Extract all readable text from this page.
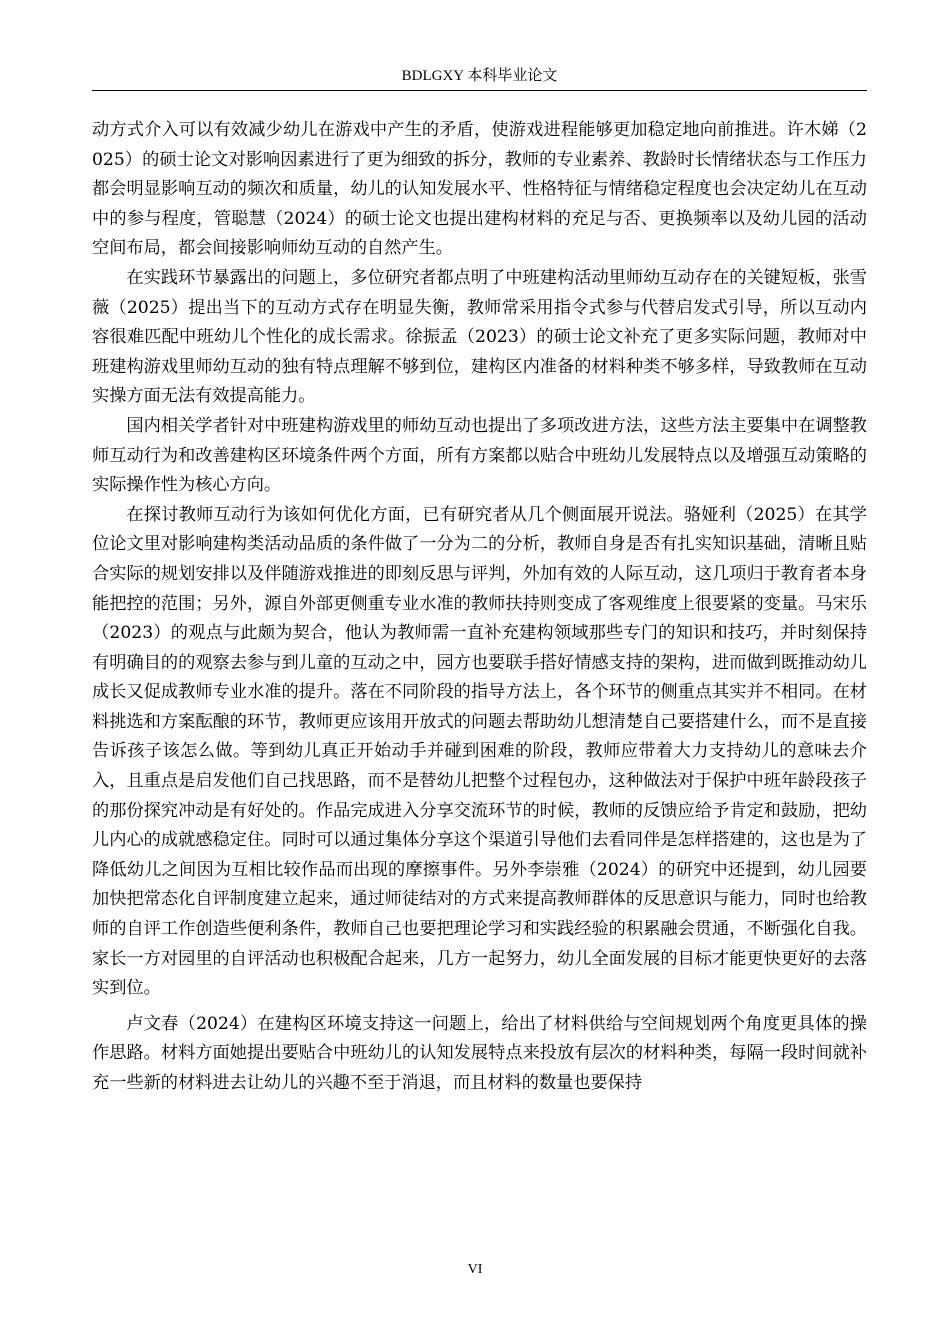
BDLGXY 本科毕业论文

动方式介入可以有效减少幼儿在游戏中产生的矛盾，使游戏进程能够更加稳定地向前推进。许木娣（2025）的硕士论文对影响因素进行了更为细致的拆分，教师的专业素养、教龄时长情绪状态与工作压力都会明显影响互动的频次和质量，幼儿的认知发展水平、性格特征与情绪稳定程度也会决定幼儿在互动中的参与程度，管聪慧（2024）的硕士论文也提出建构材料的充足与否、更换频率以及幼儿园的活动空间布局，都会间接影响师幼互动的自然产生。

在实践环节暴露出的问题上，多位研究者都点明了中班建构活动里师幼互动存在的关键短板，张雪薇（2025）提出当下的互动方式存在明显失衡，教师常采用指令式参与代替启发式引导，所以互动内容很难匹配中班幼儿个性化的成长需求。徐振孟（2023）的硕士论文补充了更多实际问题，教师对中班建构游戏里师幼互动的独有特点理解不够到位，建构区内准备的材料种类不够多样，导致教师在互动实操方面无法有效提高能力。

国内相关学者针对中班建构游戏里的师幼互动也提出了多项改进方法，这些方法主要集中在调整教师互动行为和改善建构区环境条件两个方面，所有方案都以贴合中班幼儿发展特点以及增强互动策略的实际操作性为核心方向。

在探讨教师互动行为该如何优化方面，已有研究者从几个侧面展开说法。骆娅利（2025）在其学位论文里对影响建构类活动品质的条件做了一分为二的分析，教师自身是否有扎实知识基础，清晰且贴合实际的规划安排以及伴随游戏推进的即刻反思与评判，外加有效的人际互动，这几项归于教育者本身能把控的范围；另外，源自外部更侧重专业水准的教师扶持则变成了客观维度上很要紧的变量。马宋乐（2023）的观点与此颇为契合，他认为教师需一直补充建构领域那些专门的知识和技巧，并时刻保持有明确目的的观察去参与到儿童的互动之中，园方也要联手搭好情感支持的架构，进而做到既推动幼儿成长又促成教师专业水准的提升。落在不同阶段的指导方法上，各个环节的侧重点其实并不相同。在材料挑选和方案酝酿的环节，教师更应该用开放式的问题去帮助幼儿想清楚自己要搭建什么，而不是直接告诉孩子该怎么做。等到幼儿真正开始动手并碰到困难的阶段，教师应带着大力支持幼儿的意味去介入，且重点是启发他们自己找思路，而不是替幼儿把整个过程包办，这种做法对于保护中班年龄段孩子的那份探究冲动是有好处的。作品完成进入分享交流环节的时候，教师的反馈应给予肯定和鼓励，把幼儿内心的成就感稳定住。同时可以通过集体分享这个渠道引导他们去看同伴是怎样搭建的，这也是为了降低幼儿之间因为互相比较作品而出现的摩擦事件。另外李崇雅（2024）的研究中还提到，幼儿园要加快把常态化自评制度建立起来，通过师徒结对的方式来提高教师群体的反思意识与能力，同时也给教师的自评工作创造些便利条件，教师自己也要把理论学习和实践经验的积累融会贯通，不断强化自我。家长一方对园里的自评活动也积极配合起来，几方一起努力，幼儿全面发展的目标才能更快更好的去落实到位。

卢文春（2024）在建构区环境支持这一问题上，给出了材料供给与空间规划两个角度更具体的操作思路。材料方面她提出要贴合中班幼儿的认知发展特点来投放有层次的材料种类，每隔一段时间就补充一些新的材料进去让幼儿的兴趣不至于消退，而且材料的数量也要保持

VI
